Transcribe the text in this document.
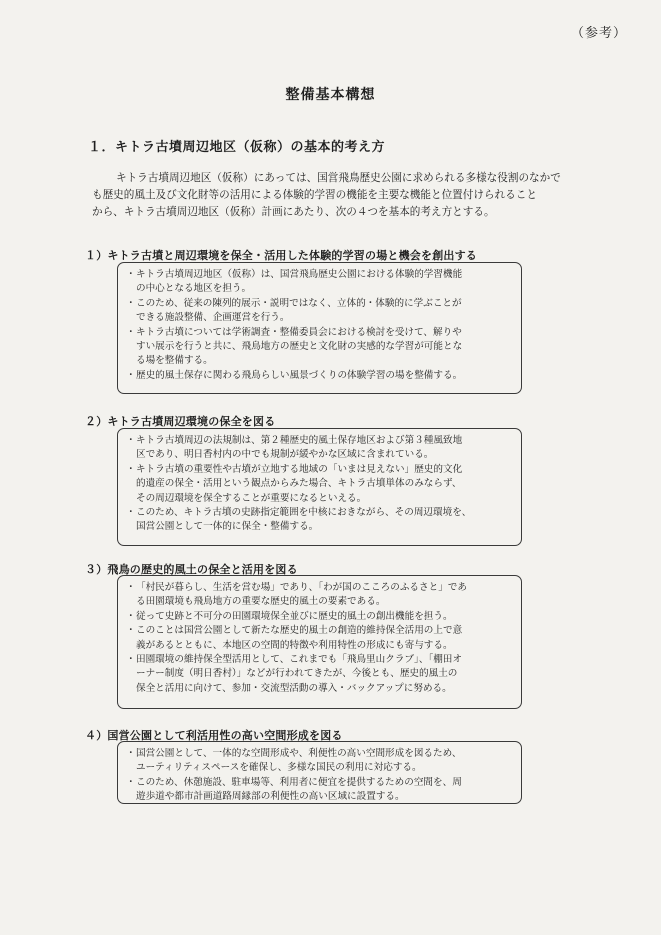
（参考）
整備基本構想
１．キトラ古墳周辺地区（仮称）の基本的考え方

キトラ古墳周辺地区（仮称）にあっては、国営飛鳥歴史公園に求められる多様な役割のなかで

も歴史的風土及び文化財等の活用による体験的学習の機能を主要な機能と位置付けられること

から、キトラ古墳周辺地区（仮称）計画にあたり、次の４つを基本的考え方とする。

１）キトラ古墳と周辺環境を保全・活用した体験的学習の場と機会を創出する
・ キトラ古墳周辺地区（仮称）は、国営飛鳥歴史公園における体験的学習機能
の中心となる地区を担う。
・ このため、従来の陳列的展示・説明ではなく、立体的・体験的に学ぶことが
できる施設整備、企画運営を行う。
・ キトラ古墳については学術調査・整備委員会における検討を受けて、解りや
すい展示を行うと共に、飛鳥地方の歴史と文化財の実感的な学習が可能とな
る場を整備する。
・ 歴史的風土保存に関わる飛鳥らしい風景づくりの体験学習の場を整備する。
２）キトラ古墳周辺環境の保全を図る
・ キトラ古墳周辺の法規制は、第２種歴史的風土保存地区および第３種風致地
区であり、明日香村内の中でも規制が緩やかな区域に含まれている。
・ キトラ古墳の重要性や古墳が立地する地域の「いまは見えない」歴史的文化
的遺産の保全・活用という観点からみた場合、キトラ古墳単体のみならず、
その周辺環境を保全することが重要になるといえる。
・ このため、キトラ古墳の史跡指定範囲を中核におきながら、その周辺環境を、
国営公園として一体的に保全・整備する。
３）飛鳥の歴史的風土の保全と活用を図る
・ 「村民が暮らし、生活を営む場」であり、「わが国のこころのふるさと」であ
る田園環境も飛鳥地方の重要な歴史的風土の要素である。
・ 従って史跡と不可分の田園環境保全並びに歴史的風土の創出機能を担う。
・ このことは国営公園として新たな歴史的風土の創造的維持保全活用の上で意
義があるとともに、本地区の空間的特徴や利用特性の形成にも寄与する。
・ 田園環境の維持保全型活用として、これまでも「飛鳥里山クラブ」、「棚田オ
ーナー制度（明日香村）」などが行われてきたが、今後とも、歴史的風土の
保全と活用に向けて、参加・交流型活動の導入・バックアップに努める。
４）国営公園として利活用性の高い空間形成を図る
・ 国営公園として、一体的な空間形成や、利便性の高い空間形成を図るため、
ユーティリティスペースを確保し、多様な国民の利用に対応する。
・ このため、休憩施設、駐車場等、利用者に便宜を提供するための空間を、周
遊歩道や都市計画道路周縁部の利便性の高い区域に設置する。
